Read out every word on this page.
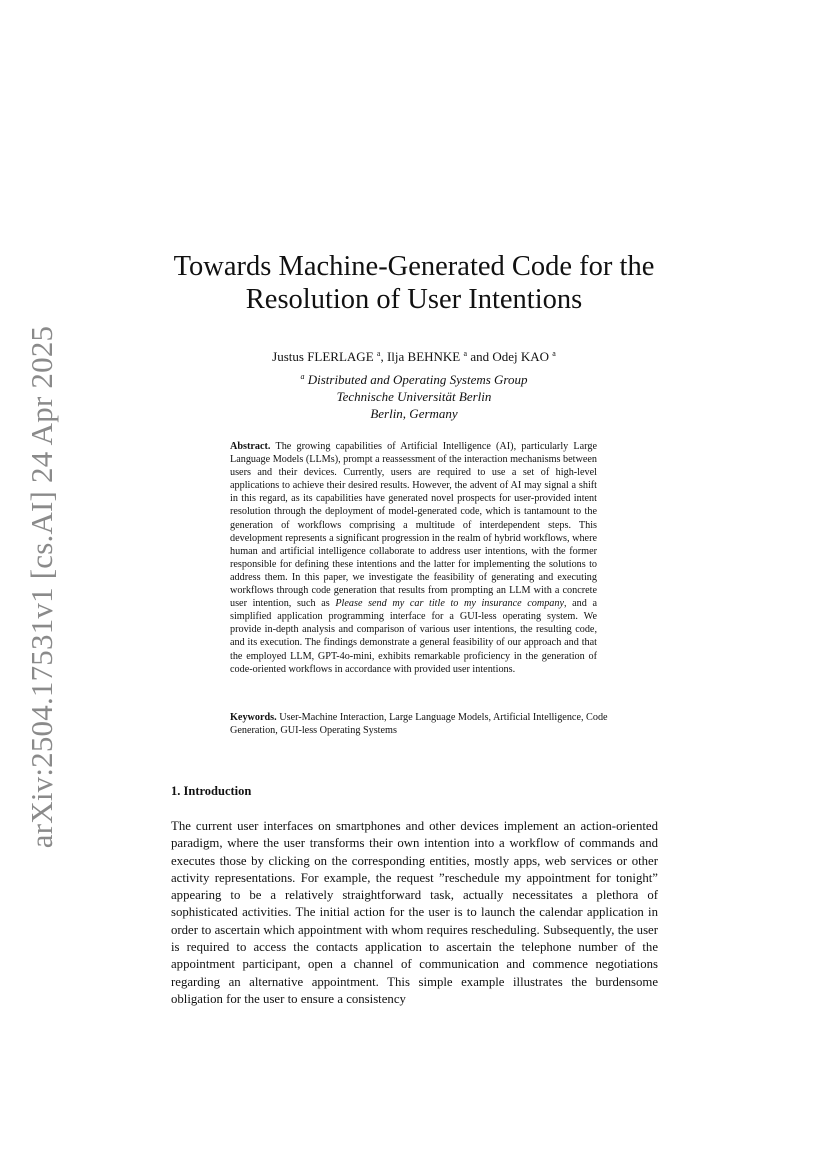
arXiv:2504.17531v1 [cs.AI] 24 Apr 2025
Towards Machine-Generated Code for the
Resolution of User Intentions
Justus FLERLAGE $^a$, Ilja BEHNKE $^a$ and Odej KAO $^a$
$^a$ Distributed and Operating Systems Group
Technische Universität Berlin
Berlin, Germany
Abstract. The growing capabilities of Artificial Intelligence (AI), particularly Large Language Models (LLMs), prompt a reassessment of the interaction mechanisms between users and their devices. Currently, users are required to use a set of high-level applications to achieve their desired results. However, the advent of AI may signal a shift in this regard, as its capabilities have generated novel prospects for user-provided intent resolution through the deployment of model-generated code, which is tantamount to the generation of workflows comprising a multitude of interdependent steps. This development represents a significant progression in the realm of hybrid workflows, where human and artificial intelligence collaborate to address user intentions, with the former responsible for defining these intentions and the latter for implementing the solutions to address them. In this paper, we investigate the feasibility of generating and executing workflows through code generation that results from prompting an LLM with a concrete user intention, such as Please send my car title to my insurance company, and a simplified application programming interface for a GUI-less operating system. We provide in-depth analysis and comparison of various user intentions, the resulting code, and its execution. The findings demonstrate a general feasibility of our approach and that the employed LLM, GPT-4o-mini, exhibits remarkable proficiency in the generation of code-oriented workflows in accordance with provided user intentions.
Keywords. User-Machine Interaction, Large Language Models, Artificial Intelligence, Code Generation, GUI-less Operating Systems
1. Introduction

The current user interfaces on smartphones and other devices implement an action-oriented paradigm, where the user transforms their own intention into a workflow of commands and executes those by clicking on the corresponding entities, mostly apps, web services or other activity representations. For example, the request ”reschedule my appointment for tonight” appearing to be a relatively straightforward task, actually necessitates a plethora of sophisticated activities. The initial action for the user is to launch the calendar application in order to ascertain which appointment with whom requires rescheduling. Subsequently, the user is required to access the contacts application to ascertain the telephone number of the appointment participant, open a channel of communication and commence negotiations regarding an alternative appointment. This simple example illustrates the burdensome obligation for the user to ensure a consistency
